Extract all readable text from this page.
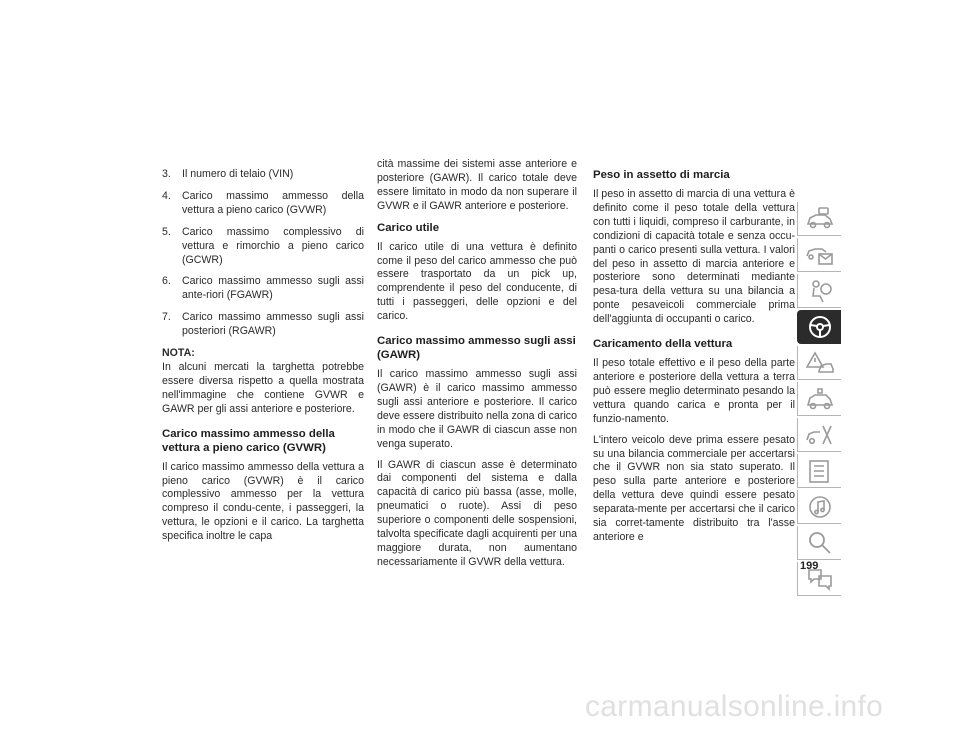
3. Il numero di telaio (VIN)
4. Carico massimo ammesso della vettura a pieno carico (GVWR)
5. Carico massimo complessivo di vettura e rimorchio a pieno carico (GCWR)
6. Carico massimo ammesso sugli assi ante-riori (FGAWR)
7. Carico massimo ammesso sugli assi posteriori (RGAWR)

NOTA:

In alcuni mercati la targhetta potrebbe essere diversa rispetto a quella mostrata nell'immagine che contiene GVWR e GAWR per gli assi anteriore e posteriore.

Carico massimo ammesso della vettura a pieno carico (GVWR)

Il carico massimo ammesso della vettura a pieno carico (GVWR) è il carico complessivo ammesso per la vettura compreso il condu-cente, i passeggeri, la vettura, le opzioni e il carico. La targhetta specifica inoltre le capa

cità massime dei sistemi asse anteriore e posteriore (GAWR). Il carico totale deve essere limitato in modo da non superare il GVWR e il GAWR anteriore e posteriore.

Carico utile

Il carico utile di una vettura è definito come il peso del carico ammesso che può essere trasportato da un pick up, comprendente il peso del conducente, di tutti i passeggeri, delle opzioni e del carico.

Carico massimo ammesso sugli assi (GAWR)

Il carico massimo ammesso sugli assi (GAWR) è il carico massimo ammesso sugli assi anteriore e posteriore. Il carico deve essere distribuito nella zona di carico in modo che il GAWR di ciascun asse non venga superato.

Il GAWR di ciascun asse è determinato dai componenti del sistema e dalla capacità di carico più bassa (asse, molle, pneumatici o ruote). Assi di peso superiore o componenti delle sospensioni, talvolta specificate dagli acquirenti per una maggiore durata, non aumentano necessariamente il GVWR della vettura.

Peso in assetto di marcia

Il peso in assetto di marcia di una vettura è definito come il peso totale della vettura con tutti i liquidi, compreso il carburante, in condizioni di capacità totale e senza occu-panti o carico presenti sulla vettura. I valori del peso in assetto di marcia anteriore e posteriore sono determinati mediante pesa-tura della vettura su una bilancia a ponte pesaveicoli commerciale prima dell'aggiunta di occupanti o carico.

Caricamento della vettura

Il peso totale effettivo e il peso della parte anteriore e posteriore della vettura a terra può essere meglio determinato pesando la vettura quando carica e pronta per il funzio-namento.

L'intero veicolo deve prima essere pesato su una bilancia commerciale per accertarsi che il GVWR non sia stato superato. Il peso sulla parte anteriore e posteriore della vettura deve quindi essere pesato separata-mente per accertarsi che il carico sia corret-tamente distribuito tra l'asse anteriore e

199
carmanualsonline.info
